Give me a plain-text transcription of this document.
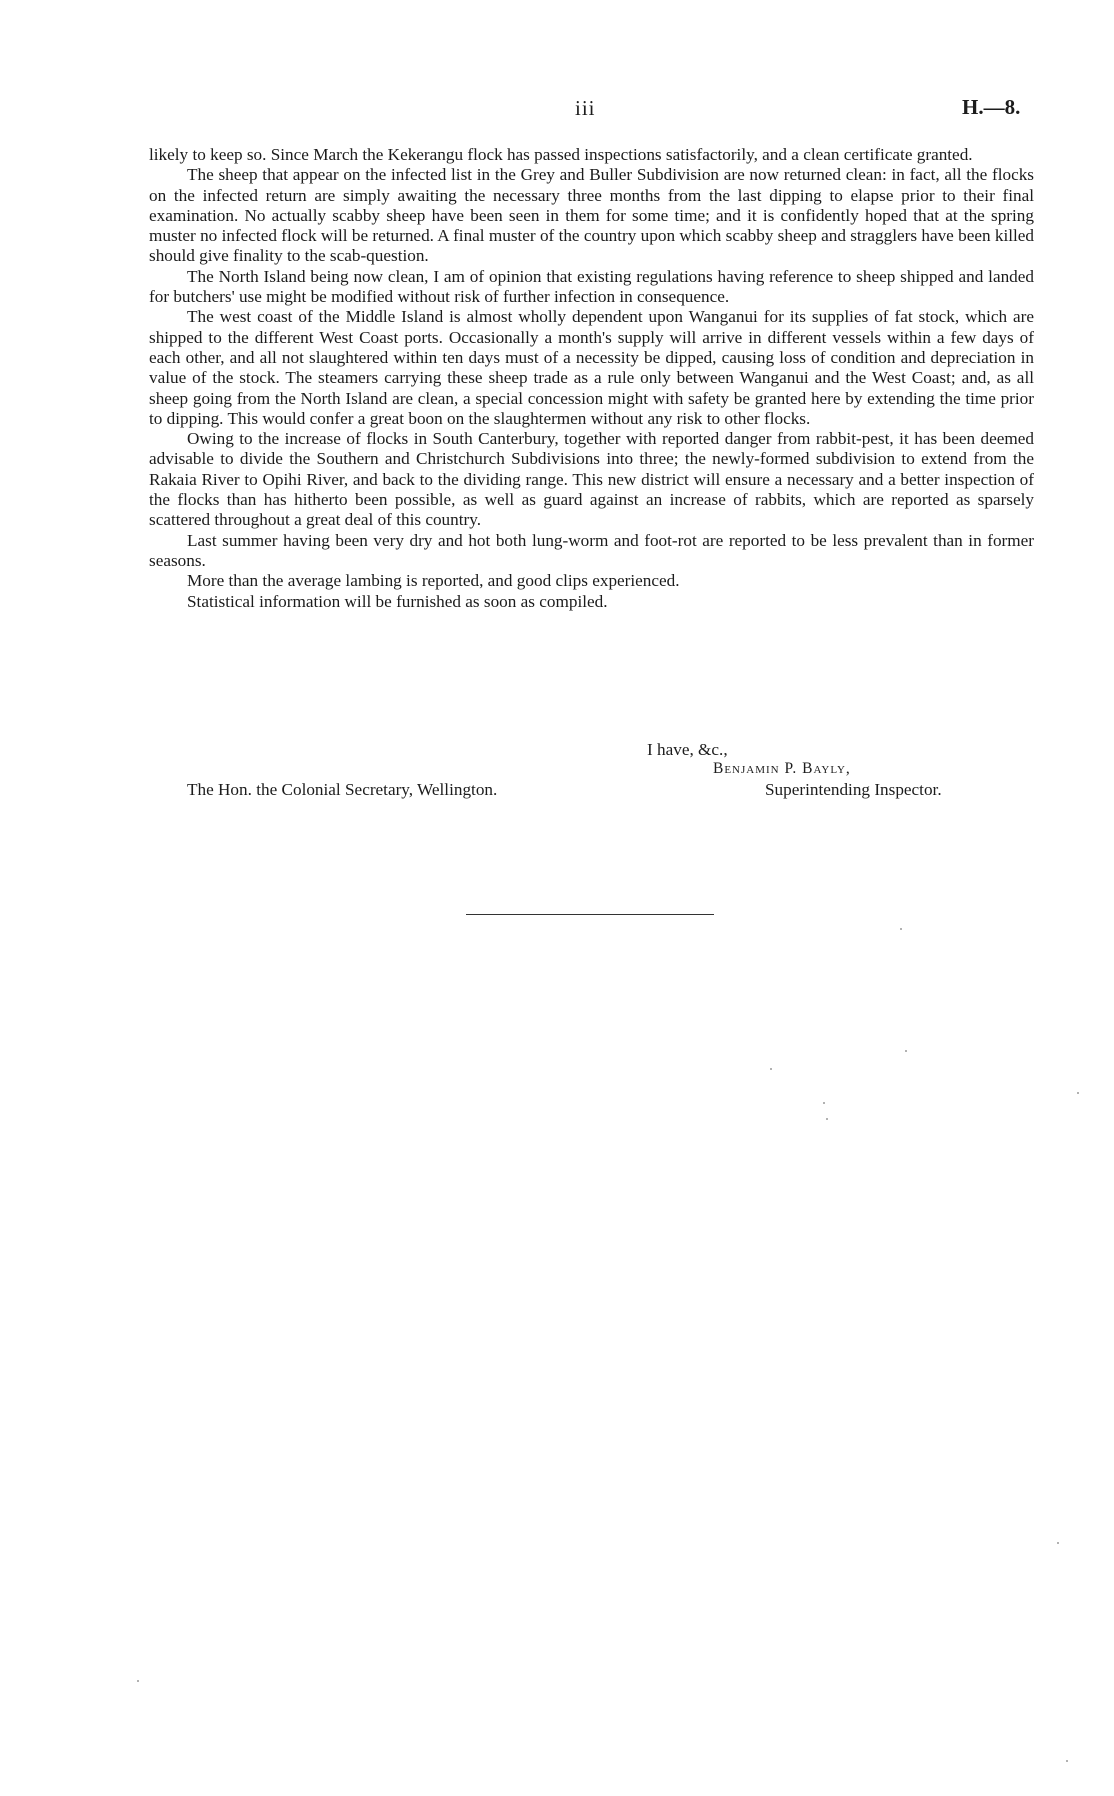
iii	H.—8.

likely to keep so. Since March the Kekerangu flock has passed inspections satisfactorily, and a clean certificate granted.

The sheep that appear on the infected list in the Grey and Buller Subdivision are now returned clean: in fact, all the flocks on the infected return are simply awaiting the necessary three months from the last dipping to elapse prior to their final examination. No actually scabby sheep have been seen in them for some time; and it is confidently hoped that at the spring muster no infected flock will be returned. A final muster of the country upon which scabby sheep and stragglers have been killed should give finality to the scab-question.

The North Island being now clean, I am of opinion that existing regulations having reference to sheep shipped and landed for butchers' use might be modified without risk of further infection in consequence.

The west coast of the Middle Island is almost wholly dependent upon Wanganui for its supplies of fat stock, which are shipped to the different West Coast ports. Occasionally a month's supply will arrive in different vessels within a few days of each other, and all not slaughtered within ten days must of a necessity be dipped, causing loss of condition and depreciation in value of the stock. The steamers carrying these sheep trade as a rule only between Wanganui and the West Coast; and, as all sheep going from the North Island are clean, a special concession might with safety be granted here by extending the time prior to dipping. This would confer a great boon on the slaughtermen without any risk to other flocks.

Owing to the increase of flocks in South Canterbury, together with reported danger from rabbit-pest, it has been deemed advisable to divide the Southern and Christchurch Subdivisions into three; the newly-formed subdivision to extend from the Rakaia River to Opihi River, and back to the dividing range. This new district will ensure a necessary and a better inspection of the flocks than has hitherto been possible, as well as guard against an increase of rabbits, which are reported as sparsely scattered throughout a great deal of this country.

Last summer having been very dry and hot both lung-worm and foot-rot are reported to be less prevalent than in former seasons.

More than the average lambing is reported, and good clips experienced.

Statistical information will be furnished as soon as compiled.

I have, &c.,
Benjamin P. Bayly,
The Hon. the Colonial Secretary, Wellington.	Superintending Inspector.
